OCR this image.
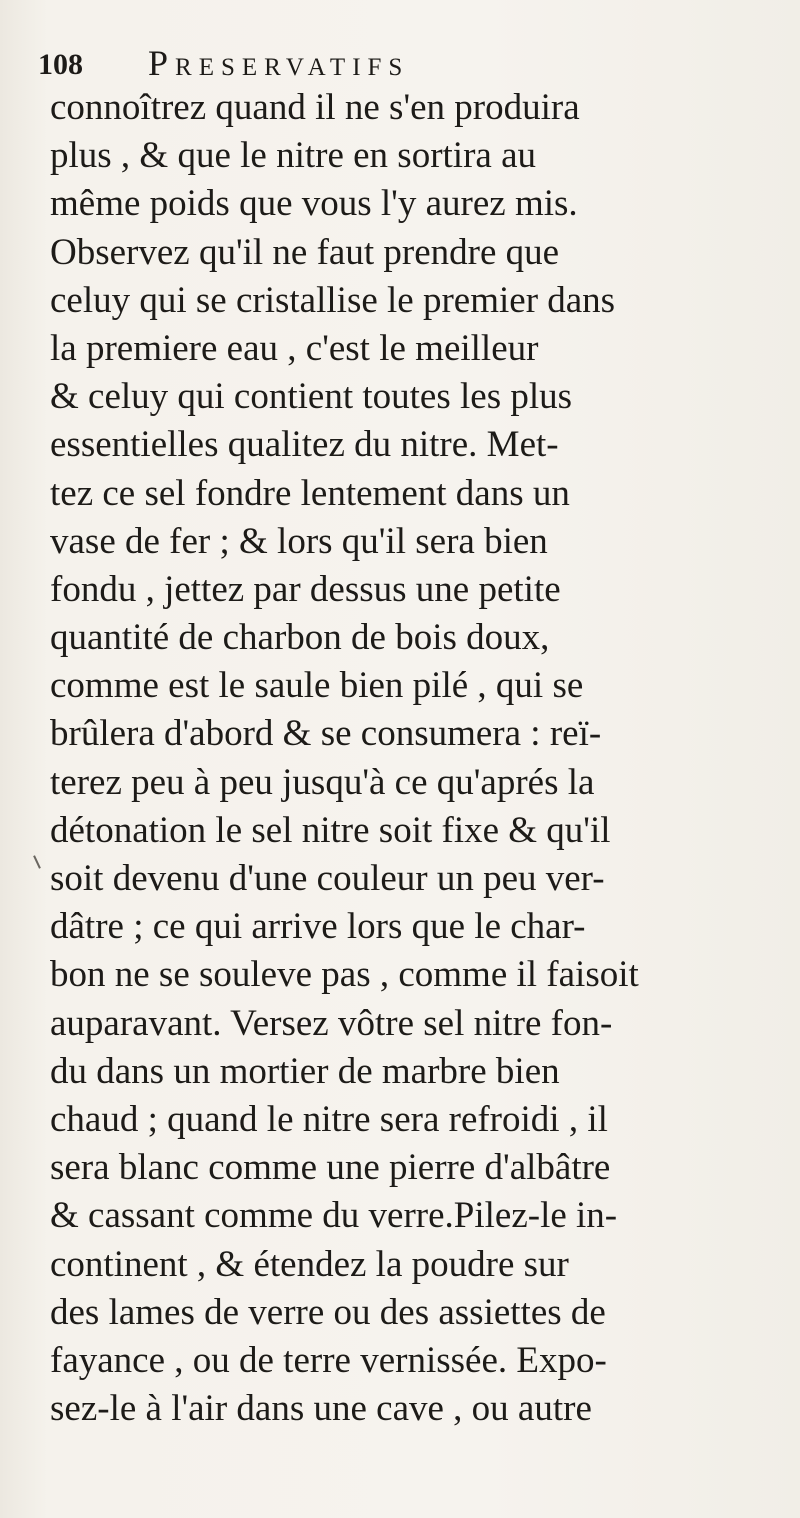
108 Preservatifs
connoîtrez quand il ne s'en produira
plus , & que le nitre en sortira au
même poids que vous l'y aurez mis.
Observez qu'il ne faut prendre que
celuy qui se cristallise le premier dans
la premiere eau , c'est le meilleur
& celuy qui contient toutes les plus
essentielles qualitez du nitre. Met-
tez ce sel fondre lentement dans un
vase de fer ; & lors qu'il sera bien
fondu , jettez par dessus une petite
quantité de charbon de bois doux,
comme est le saule bien pilé , qui se
brûlera d'abord & se consumera : reï-
terez peu à peu jusqu'à ce qu'aprés la
détonation le sel nitre soit fixe & qu'il
soit devenu d'une couleur un peu ver-
dâtre ; ce qui arrive lors que le char-
bon ne se souleve pas , comme il faisoit
auparavant. Versez vôtre sel nitre fon-
du dans un mortier de marbre bien
chaud ; quand le nitre sera refroidi , il
sera blanc comme une pierre d'albâtre
& cassant comme du verre.Pilez-le in-
continent , & étendez la poudre sur
des lames de verre ou des assiettes de
fayance , ou de terre vernissée. Expo-
sez-le à l'air dans une cave , ou autre
